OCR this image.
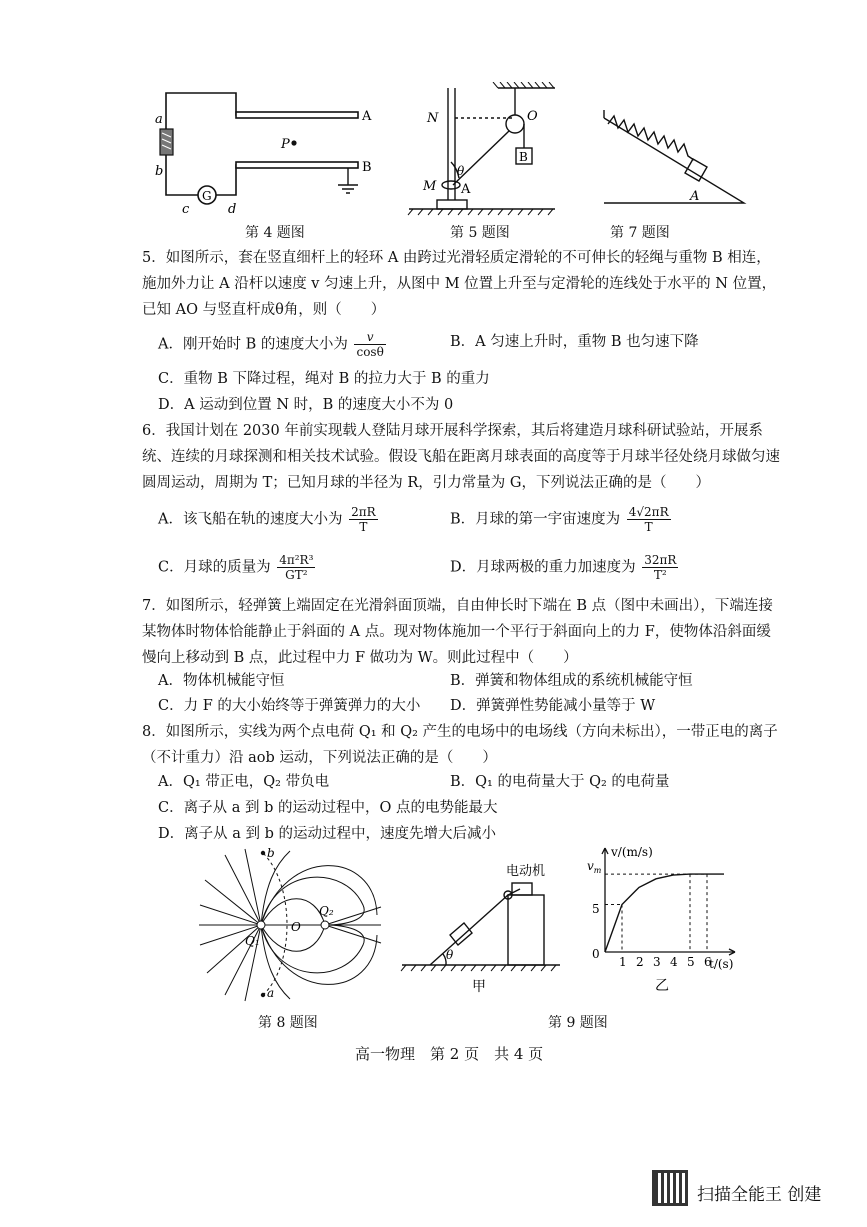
a
b
G
c	d
A
B
P
第 4 题图
N	O
B
θ
M A
第 5 题图
A
第 7 题图
5．如图所示，套在竖直细杆上的轻环 A 由跨过光滑轻质定滑轮的不可伸长的轻绳与重物 B 相连，施加外力让 A 沿杆以速度 v 匀速上升，从图中 M 位置上升至与定滑轮的连线处于水平的 N 位置，已知 AO 与竖直杆成θ角，则（　　）
A．刚开始时 B 的速度大小为 $\frac{v}{\cos\theta}$	B．A 匀速上升时，重物 B 也匀速下降
C．重物 B 下降过程，绳对 B 的拉力大于 B 的重力
D．A 运动到位置 N 时，B 的速度大小不为 0
6．我国计划在 2030 年前实现载人登陆月球开展科学探索，其后将建造月球科研试验站，开展系统、连续的月球探测和相关技术试验。假设飞船在距离月球表面的高度等于月球半径处绕月球做匀速圆周运动，周期为 T；已知月球的半径为 R，引力常量为 G，下列说法正确的是（　　）
A．该飞船在轨的速度大小为 $\frac{2\pi R}{T}$	B．月球的第一宇宙速度为 $\frac{4√2\pi R}{T}$
C．月球的质量为 $\frac{\text{4π²R³}}{\text{GT²}}$	D．月球两极的重力加速度为 $\frac{32\pi R}{\text{T²}}$
7．如图所示，轻弹簧上端固定在光滑斜面顶端，自由伸长时下端在 B 点（图中未画出），下端连接某物体时物体恰能静止于斜面的 A 点。现对物体施加一个平行于斜面向上的力 F，使物体沿斜面缓慢向上移动到 B 点，此过程中力 F 做功为 W。则此过程中（　　）
A．物体机械能守恒	B．弹簧和物体组成的系统机械能守恒
C．力 F 的大小始终等于弹簧弹力的大小 D．弹簧弹性势能减小量等于 W
8．如图所示，实线为两个点电荷 Q₁ 和 Q₂ 产生的电场中的电场线（方向未标出），一带正电的离子（不计重力）沿 aob 运动，下列说法正确的是（　　）
A．Q₁ 带正电，Q₂ 带负电	B．Q₁ 的电荷量大于 Q₂ 的电荷量
C．离子从 a 到 b 的运动过程中，O 点的电势能最大
D．离子从 a 到 b 的运动过程中，速度先增大后减小
b
a
O
Q₁
Q₂
第 8 题图
电动机
θ
甲
1 2 3 4 5 6
v/(m/s)
t/(s)
$v_m$
5
0
乙
第 9 题图
高一物理　第 2 页　共 4 页
扫描全能王 创建
